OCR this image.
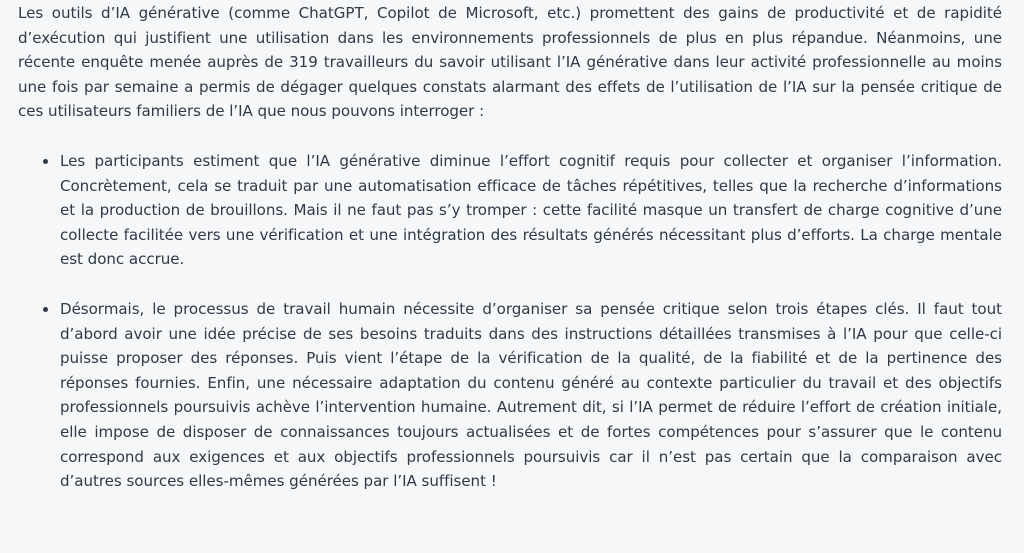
Les outils d’IA générative (comme ChatGPT, Copilot de Microsoft, etc.) promettent des gains de productivité et de rapidité d’exécution qui justifient une utilisation dans les environnements professionnels de plus en plus répandue. Néanmoins, une récente enquête menée auprès de 319 travailleurs du savoir utilisant l’IA générative dans leur activité professionnelle au moins une fois par semaine a permis de dégager quelques constats alarmant des effets de l’utilisation de l’IA sur la pensée critique de ces utilisateurs familiers de l’IA que nous pouvons interroger :

Les participants estiment que l’IA générative diminue l’effort cognitif requis pour collecter et organiser l’information. Concrètement, cela se traduit par une automatisation efficace de tâches répétitives, telles que la recherche d’informations et la production de brouillons. Mais il ne faut pas s’y tromper : cette facilité masque un transfert de charge cognitive d’une collecte facilitée vers une vérification et une intégration des résultats générés nécessitant plus d’efforts. La charge mentale est donc accrue.
Désormais, le processus de travail humain nécessite d’organiser sa pensée critique selon trois étapes clés. Il faut tout d’abord avoir une idée précise de ses besoins traduits dans des instructions détaillées transmises à l’IA pour que celle-ci puisse proposer des réponses. Puis vient l’étape de la vérification de la qualité, de la fiabilité et de la pertinence des réponses fournies. Enfin, une nécessaire adaptation du contenu généré au contexte particulier du travail et des objectifs professionnels poursuivis achève l’intervention humaine. Autrement dit, si l’IA permet de réduire l’effort de création initiale, elle impose de disposer de connaissances toujours actualisées et de fortes compétences pour s’assurer que le contenu correspond aux exigences et aux objectifs professionnels poursuivis car il n’est pas certain que la comparaison avec d’autres sources elles-mêmes générées par l’IA suffisent !
